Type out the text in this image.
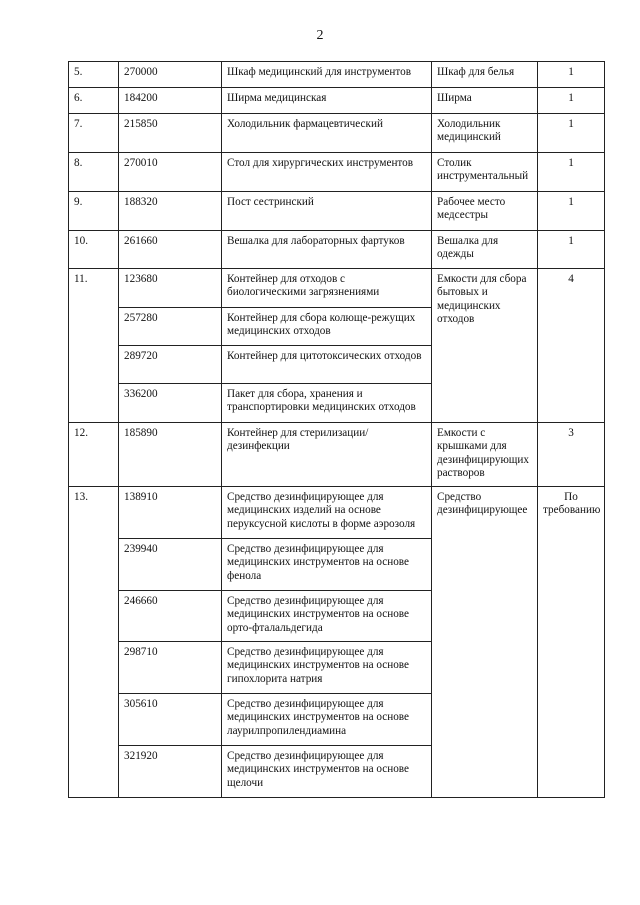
2
5.	270000	Шкаф медицинский для инструментов	Шкаф для белья	1
6.	184200	Ширма медицинская	Ширма	1
7.	215850	Холодильник фармацевтический	Холодильник медицинский	1
8.	270010	Стол для хирургических инструментов	Столик инструментальный	1
9.	188320	Пост сестринский	Рабочее место медсестры	1
10.	261660	Вешалка для лабораторных фартуков	Вешалка для одежды	1
11.	123680	Контейнер для отходов с биологическими загрязнениями	Емкости для сбора бытовых и медицинских отходов	4
	257280	Контейнер для сбора колюще-режущих медицинских отходов		
	289720	Контейнер для цитотоксических отходов		
	336200	Пакет для сбора, хранения и транспортировки медицинских отходов		
12.	185890	Контейнер для стерилизации/дезинфекции	Емкости с крышками для дезинфицирующих растворов	3
13.	138910	Средство дезинфицирующее для медицинских изделий на основе перуксусной кислоты в форме аэрозоля	Средство дезинфицирующее	По требованию
	239940	Средство дезинфицирующее для медицинских инструментов на основе фенола		
	246660	Средство дезинфицирующее для медицинских инструментов на основе орто-фталальдегида		
	298710	Средство дезинфицирующее для медицинских инструментов на основе гипохлорита натрия		
	305610	Средство дезинфицирующее для медицинских инструментов на основе лаурилпропилендиамина		
	321920	Средство дезинфицирующее для медицинских инструментов на основе щелочи		
